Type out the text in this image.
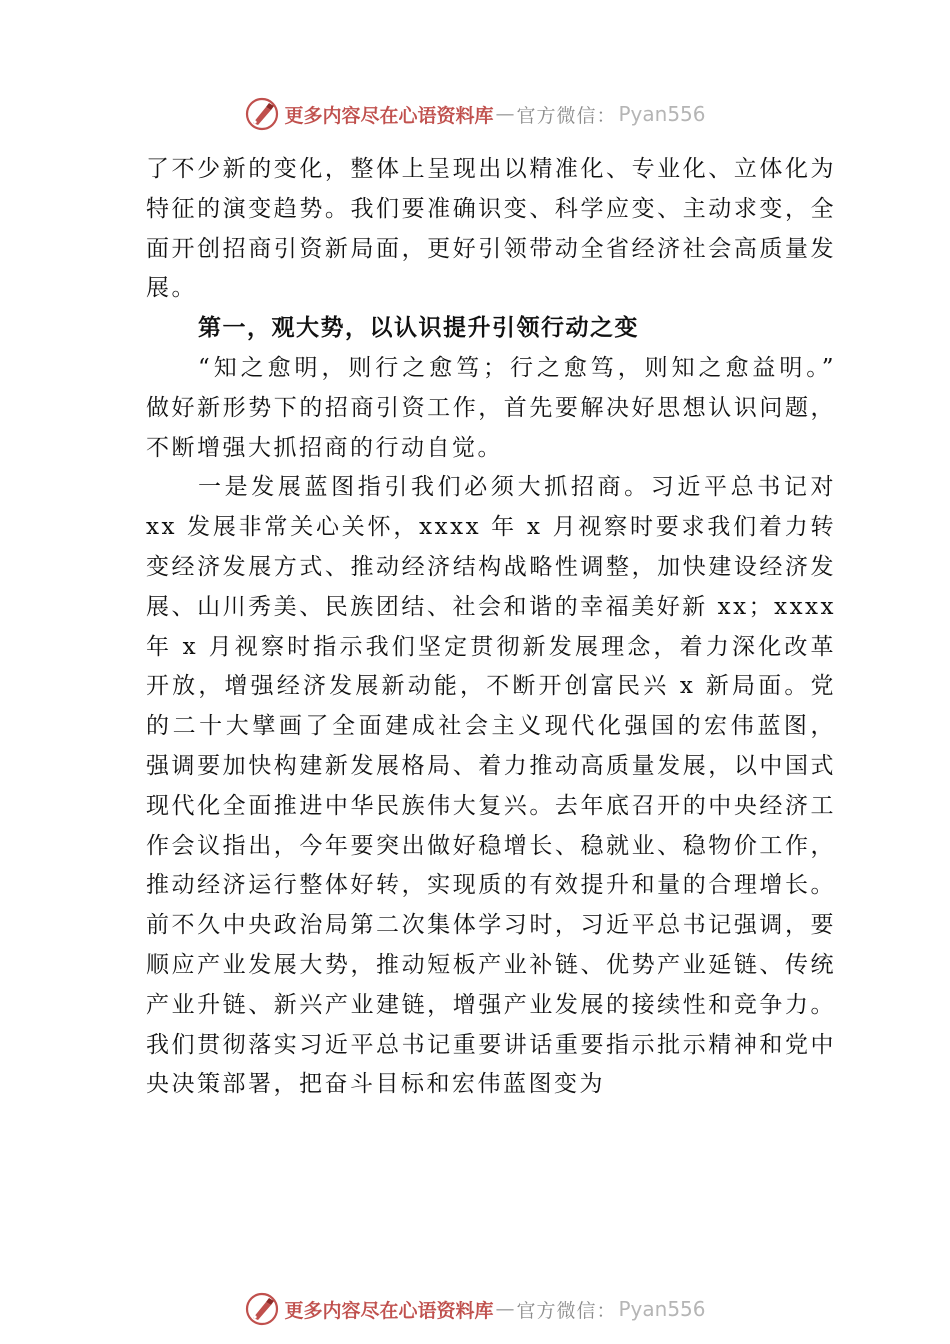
更多内容尽在心语资料库 — 官方微信： Pyan556

了不少新的变化，整体上呈现出以精准化、专业化、立体化为特征的演变趋势。我们要准确识变、科学应变、主动求变，全面开创招商引资新局面，更好引领带动全省经济社会高质量发展。

第一，观大势，以认识提升引领行动之变

“知之愈明，则行之愈笃；行之愈笃，则知之愈益明。” 做好新形势下的招商引资工作，首先要解决好思想认识问题， 不断增强大抓招商的行动自觉。

一是发展蓝图指引我们必须大抓招商。习近平总书记对 xx 发展非常关心关怀，xxxx 年 x 月视察时要求我们着力转变经济发展方式、推动经济结构战略性调整，加快建设经济发展、山川秀美、民族团结、社会和谐的幸福美好新 xx；xxxx 年 x 月视察时指示我们坚定贯彻新发展理念，着力深化改革开放，增强经济发展新动能，不断开创富民兴 x 新局面。党的二十大擘画了全面建成社会主义现代化强国的宏伟蓝图， 强调要加快构建新发展格局、着力推动高质量发展，以中国式现代化全面推进中华民族伟大复兴。去年底召开的中央经济工作会议指出，今年要突出做好稳增长、稳就业、稳物价工作，推动经济运行整体好转，实现质的有效提升和量的合理增长。前不久中央政治局第二次集体学习时，习近平总书记强调，要顺应产业发展大势，推动短板产业补链、优势产业延链、传统产业升链、新兴产业建链，增强产业发展的接续性和竞争力。我们贯彻落实习近平总书记重要讲话重要指示批示精神和党中央决策部署，把奋斗目标和宏伟蓝图变为

更多内容尽在心语资料库 — 官方微信： Pyan556
